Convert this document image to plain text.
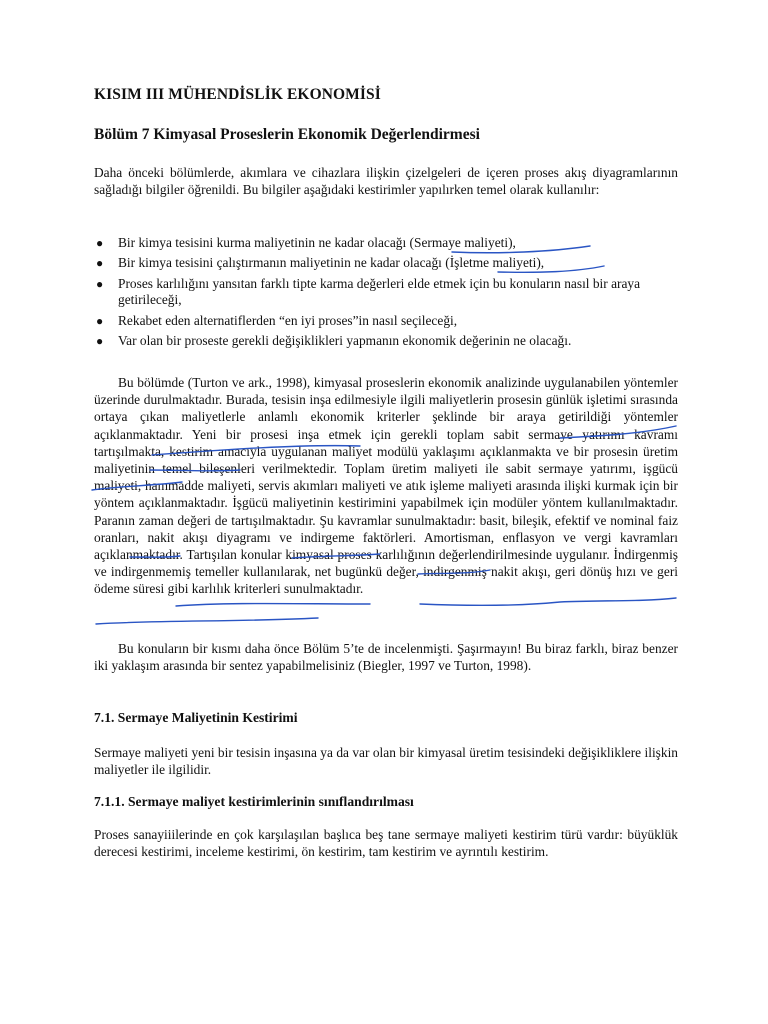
KISIM III MÜHENDİSLİK EKONOMİSİ
Bölüm 7 Kimyasal Proseslerin Ekonomik Değerlendirmesi

Daha önceki bölümlerde, akımlara ve cihazlara ilişkin çizelgeleri de içeren proses akış diyagramlarının sağladığı bilgiler öğrenildi. Bu bilgiler aşağıdaki kestirimler yapılırken temel olarak kullanılır:

● Bir kimya tesisini kurma maliyetinin ne kadar olacağı (Sermaye maliyeti),
● Bir kimya tesisini çalıştırmanın maliyetinin ne kadar olacağı (İşletme maliyeti),
● Proses karlılığını yansıtan farklı tipte karma değerleri elde etmek için bu konuların nasıl bir araya getirileceği,
● Rekabet eden alternatiflerden “en iyi proses”in nasıl seçileceği,
● Var olan bir proseste gerekli değişiklikleri yapmanın ekonomik değerinin ne olacağı.

Bu bölümde (Turton ve ark., 1998), kimyasal proseslerin ekonomik analizinde uygulanabilen yöntemler üzerinde durulmaktadır. Burada, tesisin inşa edilmesiyle ilgili maliyetlerin prosesin günlük işletimi sırasında ortaya çıkan maliyetlerle anlamlı ekonomik kriterler şeklinde bir araya getirildiği yöntemler açıklanmaktadır. Yeni bir prosesi inşa etmek için gerekli toplam sabit sermaye yatırımı kavramı tartışılmakta, kestirim amacıyla uygulanan maliyet modülü yaklaşımı açıklanmakta ve bir prosesin üretim maliyetinin temel bileşenleri verilmektedir. Toplam üretim maliyeti ile sabit sermaye yatırımı, işgücü maliyeti, hammadde maliyeti, servis akımları maliyeti ve atık işleme maliyeti arasında ilişki kurmak için bir yöntem açıklanmaktadır. İşgücü maliyetinin kestirimini yapabilmek için modüler yöntem kullanılmaktadır. Paranın zaman değeri de tartışılmaktadır. Şu kavramlar sunulmaktadır: basit, bileşik, efektif ve nominal faiz oranları, nakit akışı diyagramı ve indirgeme faktörleri. Amortisman, enflasyon ve vergi kavramları açıklanmaktadır. Tartışılan konular kimyasal proses karlılığının değerlendirilmesinde uygulanır. İndirgenmiş ve indirgenmemiş temeller kullanılarak, net bugünkü değer, indirgenmiş nakit akışı, geri dönüş hızı ve geri ödeme süresi gibi karlılık kriterleri sunulmaktadır.

Bu konuların bir kısmı daha önce Bölüm 5’te de incelenmişti. Şaşırmayın! Bu biraz farklı, biraz benzer iki yaklaşım arasında bir sentez yapabilmelisiniz (Biegler, 1997 ve Turton, 1998).

7.1. Sermaye Maliyetinin Kestirimi

Sermaye maliyeti yeni bir tesisin inşasına ya da var olan bir kimyasal üretim tesisindeki değişikliklere ilişkin maliyetler ile ilgilidir.

7.1.1. Sermaye maliyet kestirimlerinin sınıflandırılması

Proses sanayiiilerinde en çok karşılaşılan başlıca beş tane sermaye maliyeti kestirim türü vardır: büyüklük derecesi kestirimi, inceleme kestirimi, ön kestirim, tam kestirim ve ayrıntılı kestirim.
